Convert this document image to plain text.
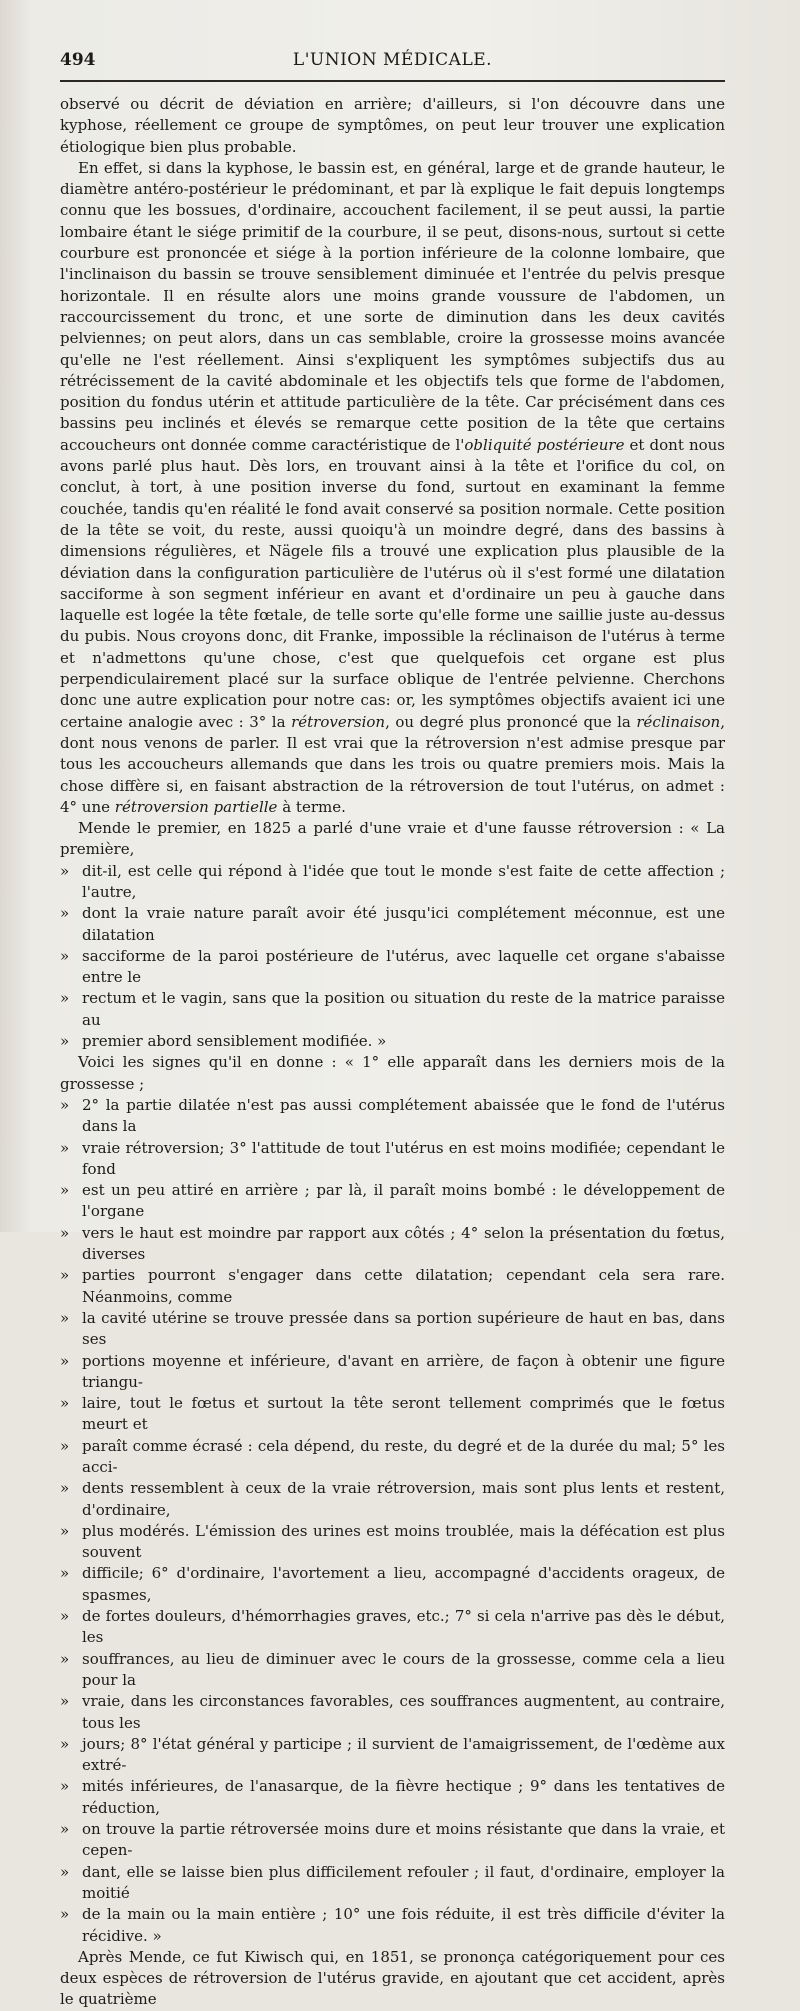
494	L'UNION MÉDICALE.

observé ou décrit de déviation en arrière; d'ailleurs, si l'on découvre dans une kyphose, réellement ce groupe de symptômes, on peut leur trouver une explication étiologique bien plus probable.

En effet, si dans la kyphose, le bassin est, en général, large et de grande hauteur, le diamètre antéro-postérieur le prédominant, et par là explique le fait depuis longtemps connu que les bossues, d'ordinaire, accouchent facilement, il se peut aussi, la partie lombaire étant le siége primitif de la courbure, il se peut, disons-nous, surtout si cette courbure est prononcée et siége à la portion inférieure de la colonne lombaire, que l'inclinaison du bassin se trouve sensiblement diminuée et l'entrée du pelvis presque horizontale. Il en résulte alors une moins grande voussure de l'abdomen, un raccourcissement du tronc, et une sorte de diminution dans les deux cavités pelviennes; on peut alors, dans un cas semblable, croire la grossesse moins avancée qu'elle ne l'est réellement. Ainsi s'expliquent les symptômes subjectifs dus au rétrécissement de la cavité abdominale et les objectifs tels que forme de l'abdomen, position du fondus utérin et attitude particulière de la tête. Car précisément dans ces bassins peu inclinés et élevés se remarque cette position de la tête que certains accoucheurs ont donnée comme caractéristique de l'obliquité postérieure et dont nous avons parlé plus haut. Dès lors, en trouvant ainsi à la tête et l'orifice du col, on conclut, à tort, à une position inverse du fond, surtout en examinant la femme couchée, tandis qu'en réalité le fond avait conservé sa position normale. Cette position de la tête se voit, du reste, aussi quoiqu'à un moindre degré, dans des bassins à dimensions régulières, et Nägele fils a trouvé une explication plus plausible de la déviation dans la configuration particulière de l'utérus où il s'est formé une dilatation sacciforme à son segment inférieur en avant et d'ordinaire un peu à gauche dans laquelle est logée la tête fœtale, de telle sorte qu'elle forme une saillie juste au-dessus du pubis. Nous croyons donc, dit Franke, impossible la réclinaison de l'utérus à terme et n'admettons qu'une chose, c'est que quelquefois cet organe est plus perpendiculairement placé sur la surface oblique de l'entrée pelvienne. Cherchons donc une autre explication pour notre cas: or, les symptômes objectifs avaient ici une certaine analogie avec : 3° la rétroversion, ou degré plus prononcé que la réclinaison, dont nous venons de parler. Il est vrai que la rétroversion n'est admise presque par tous les accoucheurs allemands que dans les trois ou quatre premiers mois. Mais la chose diffère si, en faisant abstraction de la rétroversion de tout l'utérus, on admet : 4° une rétroversion partielle à terme.

Mende le premier, en 1825 a parlé d'une vraie et d'une fausse rétroversion : « La première,

» dit-il, est celle qui répond à l'idée que tout le monde s'est faite de cette affection ; l'autre,

» dont la vraie nature paraît avoir été jusqu'ici complétement méconnue, est une dilatation

» sacciforme de la paroi postérieure de l'utérus, avec laquelle cet organe s'abaisse entre le

» rectum et le vagin, sans que la position ou situation du reste de la matrice paraisse au

» premier abord sensiblement modifiée. »

Voici les signes qu'il en donne : « 1° elle apparaît dans les derniers mois de la grossesse ;

» 2° la partie dilatée n'est pas aussi complétement abaissée que le fond de l'utérus dans la

» vraie rétroversion; 3° l'attitude de tout l'utérus en est moins modifiée; cependant le fond

» est un peu attiré en arrière ; par là, il paraît moins bombé : le développement de l'organe

» vers le haut est moindre par rapport aux côtés ; 4° selon la présentation du fœtus, diverses

» parties pourront s'engager dans cette dilatation; cependant cela sera rare. Néanmoins, comme

» la cavité utérine se trouve pressée dans sa portion supérieure de haut en bas, dans ses

» portions moyenne et inférieure, d'avant en arrière, de façon à obtenir une figure triangu-

» laire, tout le fœtus et surtout la tête seront tellement comprimés que le fœtus meurt et

» paraît comme écrasé : cela dépend, du reste, du degré et de la durée du mal; 5° les acci-

» dents ressemblent à ceux de la vraie rétroversion, mais sont plus lents et restent, d'ordinaire,

» plus modérés. L'émission des urines est moins troublée, mais la défécation est plus souvent

» difficile; 6° d'ordinaire, l'avortement a lieu, accompagné d'accidents orageux, de spasmes,

» de fortes douleurs, d'hémorrhagies graves, etc.; 7° si cela n'arrive pas dès le début, les

» souffrances, au lieu de diminuer avec le cours de la grossesse, comme cela a lieu pour la

» vraie, dans les circonstances favorables, ces souffrances augmentent, au contraire, tous les

» jours; 8° l'état général y participe ; il survient de l'amaigrissement, de l'œdème aux extré-

» mités inférieures, de l'anasarque, de la fièvre hectique ; 9° dans les tentatives de réduction,

» on trouve la partie rétroversée moins dure et moins résistante que dans la vraie, et cepen-

» dant, elle se laisse bien plus difficilement refouler ; il faut, d'ordinaire, employer la moitié

» de la main ou la main entière ; 10° une fois réduite, il est très difficile d'éviter la récidive. »

Après Mende, ce fut Kiwisch qui, en 1851, se prononça catégoriquement pour ces deux espèces de rétroversion de l'utérus gravide, en ajoutant que cet accident, après le quatrième
